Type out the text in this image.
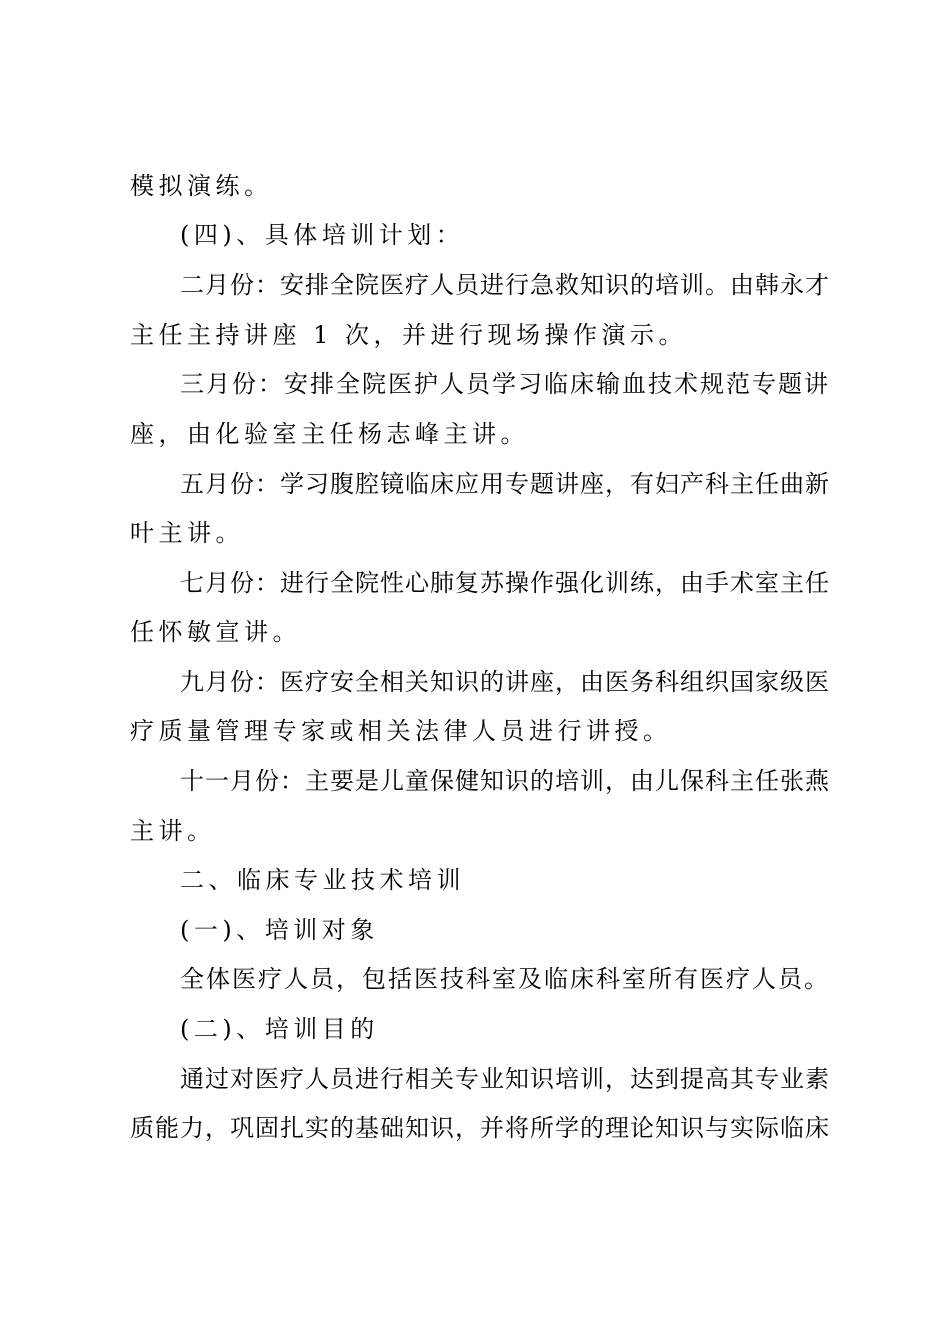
模拟演练。
(四)、具体培训计划：
二月份：安排全院医疗人员进行急救知识的培训。由韩永才
主任主持讲座 1 次，并进行现场操作演示。
三月份：安排全院医护人员学习临床输血技术规范专题讲
座，由化验室主任杨志峰主讲。
五月份：学习腹腔镜临床应用专题讲座，有妇产科主任曲新
叶主讲。
七月份：进行全院性心肺复苏操作强化训练，由手术室主任
任怀敏宣讲。
九月份：医疗安全相关知识的讲座，由医务科组织国家级医
疗质量管理专家或相关法律人员进行讲授。
十一月份：主要是儿童保健知识的培训，由儿保科主任张燕
主讲。
二、临床专业技术培训
(一)、培训对象
全体医疗人员，包括医技科室及临床科室所有医疗人员。
(二)、培训目的
通过对医疗人员进行相关专业知识培训，达到提高其专业素
质能力，巩固扎实的基础知识，并将所学的理论知识与实际临床
